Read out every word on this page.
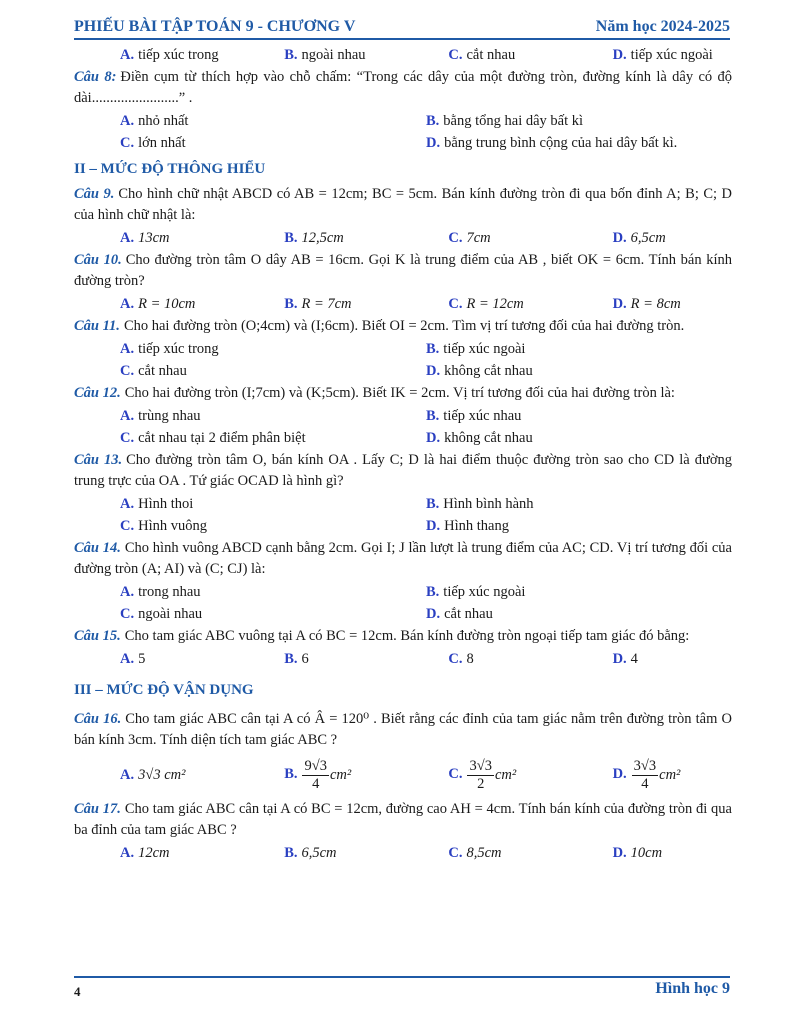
PHIẾU BÀI TẬP TOÁN 9 - CHƯƠNG V	Năm học 2024-2025
A. tiếp xúc trong	B. ngoài nhau	C. cắt nhau	D. tiếp xúc ngoài
Câu 8: Điền cụm từ thích hợp vào chỗ chấm: “Trong các dây của một đường tròn, đường kính là dây có độ dài........................” .
A. nhỏ nhất	B. bằng tổng hai dây bất kì
C. lớn nhất	D. bằng trung bình cộng của hai dây bất kì.
II – MỨC ĐỘ THÔNG HIỂU
Câu 9. Cho hình chữ nhật ABCD có AB = 12cm; BC = 5cm. Bán kính đường tròn đi qua bốn đỉnh A; B; C; D của hình chữ nhật là:
A. 13cm	B. 12,5cm	C. 7cm	D. 6,5cm
Câu 10. Cho đường tròn tâm O dây AB = 16cm. Gọi K là trung điểm của AB , biết OK = 6cm. Tính bán kính đường tròn?
A. R = 10cm	B. R = 7cm	C. R = 12cm	D. R = 8cm
Câu 11. Cho hai đường tròn (O;4cm) và (I;6cm). Biết OI = 2cm. Tìm vị trí tương đối của hai đường tròn.
A. tiếp xúc trong	B. tiếp xúc ngoài
C. cắt nhau	D. không cắt nhau
Câu 12. Cho hai đường tròn (I;7cm) và (K;5cm). Biết IK = 2cm. Vị trí tương đối của hai đường tròn là:
A. trùng nhau	B. tiếp xúc nhau
C. cắt nhau tại 2 điểm phân biệt	D. không cắt nhau
Câu 13. Cho đường tròn tâm O, bán kính OA . Lấy C; D là hai điểm thuộc đường tròn sao cho CD là đường trung trực của OA . Tứ giác OCAD là hình gì?
A. Hình thoi	B. Hình bình hành
C. Hình vuông	D. Hình thang
Câu 14. Cho hình vuông ABCD cạnh bằng 2cm. Gọi I; J lần lượt là trung điểm của AC; CD. Vị trí tương đối của đường tròn (A; AI) và (C; CJ) là:
A. trong nhau	B. tiếp xúc ngoài
C. ngoài nhau	D. cắt nhau
Câu 15. Cho tam giác ABC vuông tại A có BC = 12cm. Bán kính đường tròn ngoại tiếp tam giác đó bằng:
A. 5	B. 6	C. 8	D. 4
III – MỨC ĐỘ VẬN DỤNG
Câu 16. Cho tam giác ABC cân tại A có Â = 120⁰ . Biết rằng các đỉnh của tam giác nằm trên đường tròn tâm O bán kính 3cm. Tính diện tích tam giác ABC ?
A. 3√3 cm²	B. $\frac{9√3}{4} cm^2$	C. $\frac{3√3}{2} cm^2$	D. $\frac{3√3}{4} cm^2$
Câu 17. Cho tam giác ABC cân tại A có BC = 12cm, đường cao AH = 4cm. Tính bán kính của đường tròn đi qua ba đỉnh của tam giác ABC ?
A. 12cm	B. 6,5cm	C. 8,5cm	D. 10cm
4	Hình học 9
